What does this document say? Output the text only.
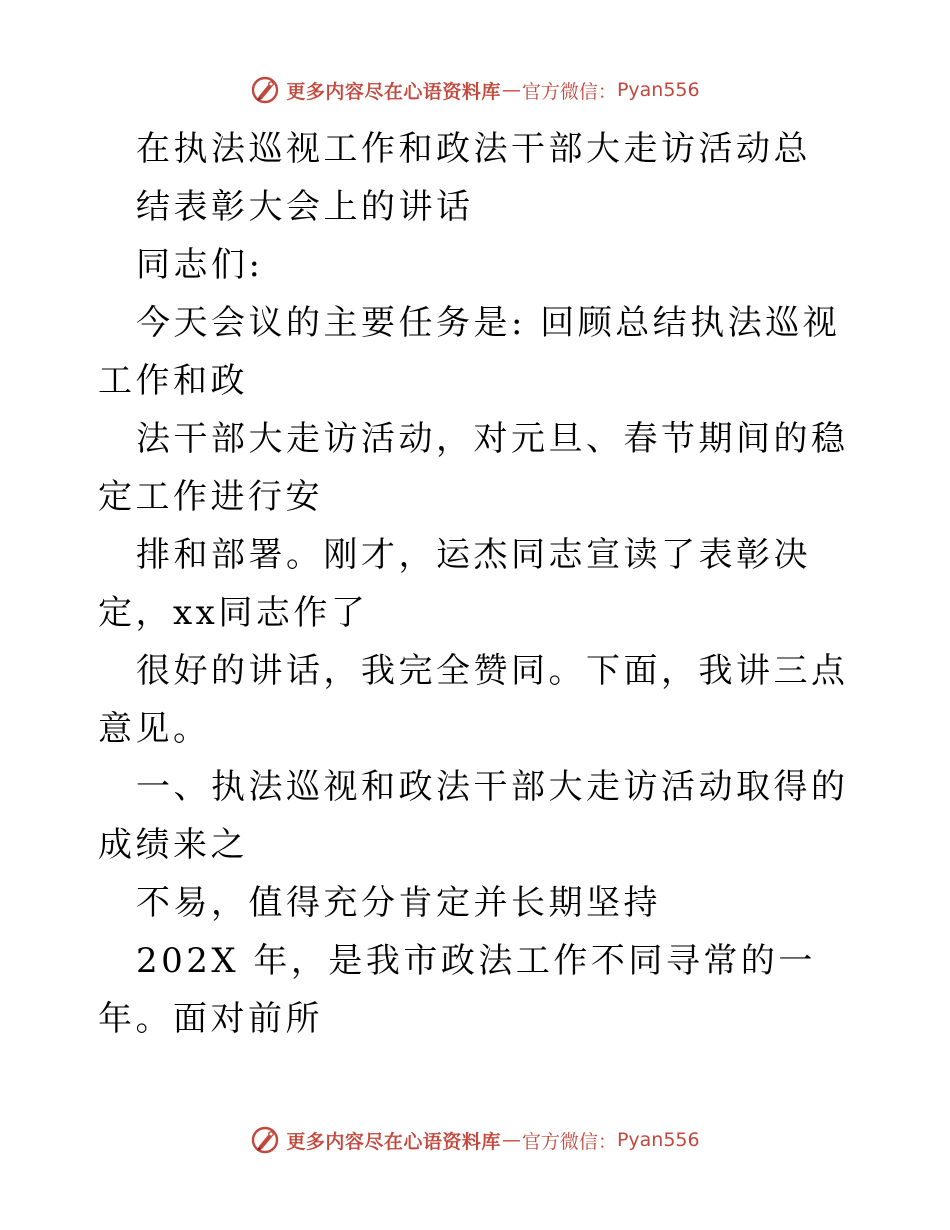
更多内容尽在心语资料库 — 官方微信： Pyan556

在执法巡视工作和政法干部大走访活动总

结表彰大会上的讲话

同志们:

今天会议的主要任务是: 回顾总结执法巡视工作和政

法干部大走访活动，对元旦、春节期间的稳定工作进行安

排和部署。刚才，运杰同志宣读了表彰决定，xx同志作了

很好的讲话，我完全赞同。下面，我讲三点意见。

一、执法巡视和政法干部大走访活动取得的成绩来之

不易，值得充分肯定并长期坚持

202X 年，是我市政法工作不同寻常的一年。面对前所

更多内容尽在心语资料库 — 官方微信： Pyan556
